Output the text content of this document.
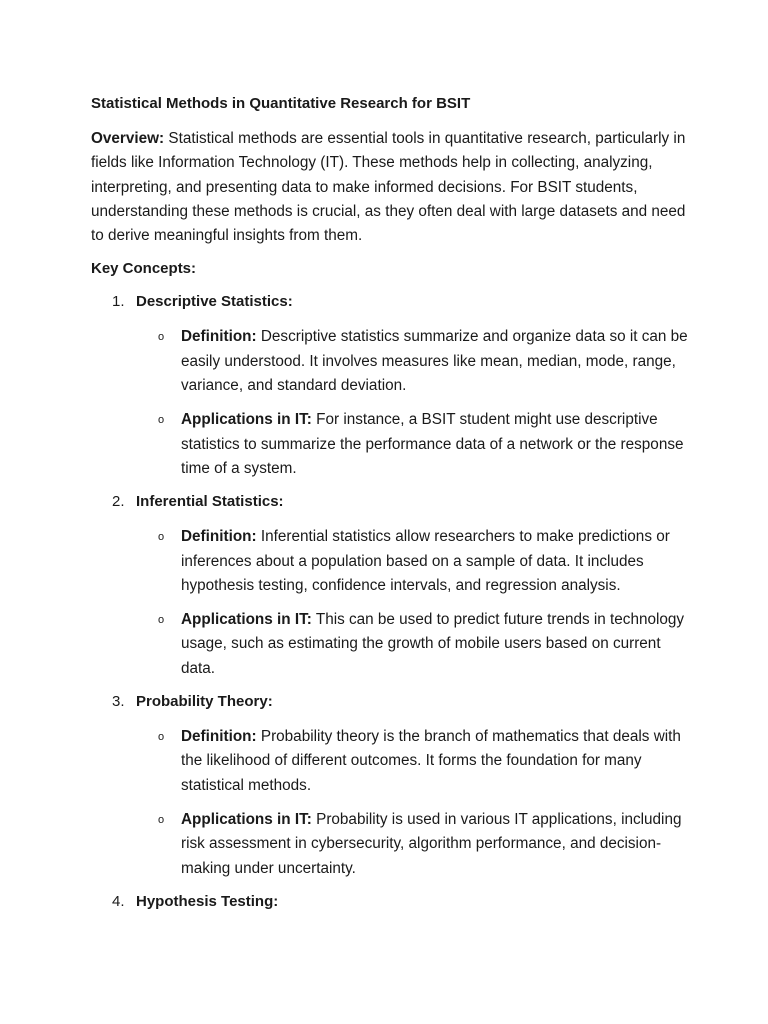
Statistical Methods in Quantitative Research for BSIT

Overview: Statistical methods are essential tools in quantitative research, particularly in fields like Information Technology (IT). These methods help in collecting, analyzing, interpreting, and presenting data to make informed decisions. For BSIT students, understanding these methods is crucial, as they often deal with large datasets and need to derive meaningful insights from them.

Key Concepts:
1. Descriptive Statistics:
o Definition: Descriptive statistics summarize and organize data so it can be easily understood. It involves measures like mean, median, mode, range, variance, and standard deviation.
o Applications in IT: For instance, a BSIT student might use descriptive statistics to summarize the performance data of a network or the response time of a system.
2. Inferential Statistics:
o Definition: Inferential statistics allow researchers to make predictions or inferences about a population based on a sample of data. It includes hypothesis testing, confidence intervals, and regression analysis.
o Applications in IT: This can be used to predict future trends in technology usage, such as estimating the growth of mobile users based on current data.
3. Probability Theory:
o Definition: Probability theory is the branch of mathematics that deals with the likelihood of different outcomes. It forms the foundation for many statistical methods.
o Applications in IT: Probability is used in various IT applications, including risk assessment in cybersecurity, algorithm performance, and decision-making under uncertainty.
4. Hypothesis Testing:
